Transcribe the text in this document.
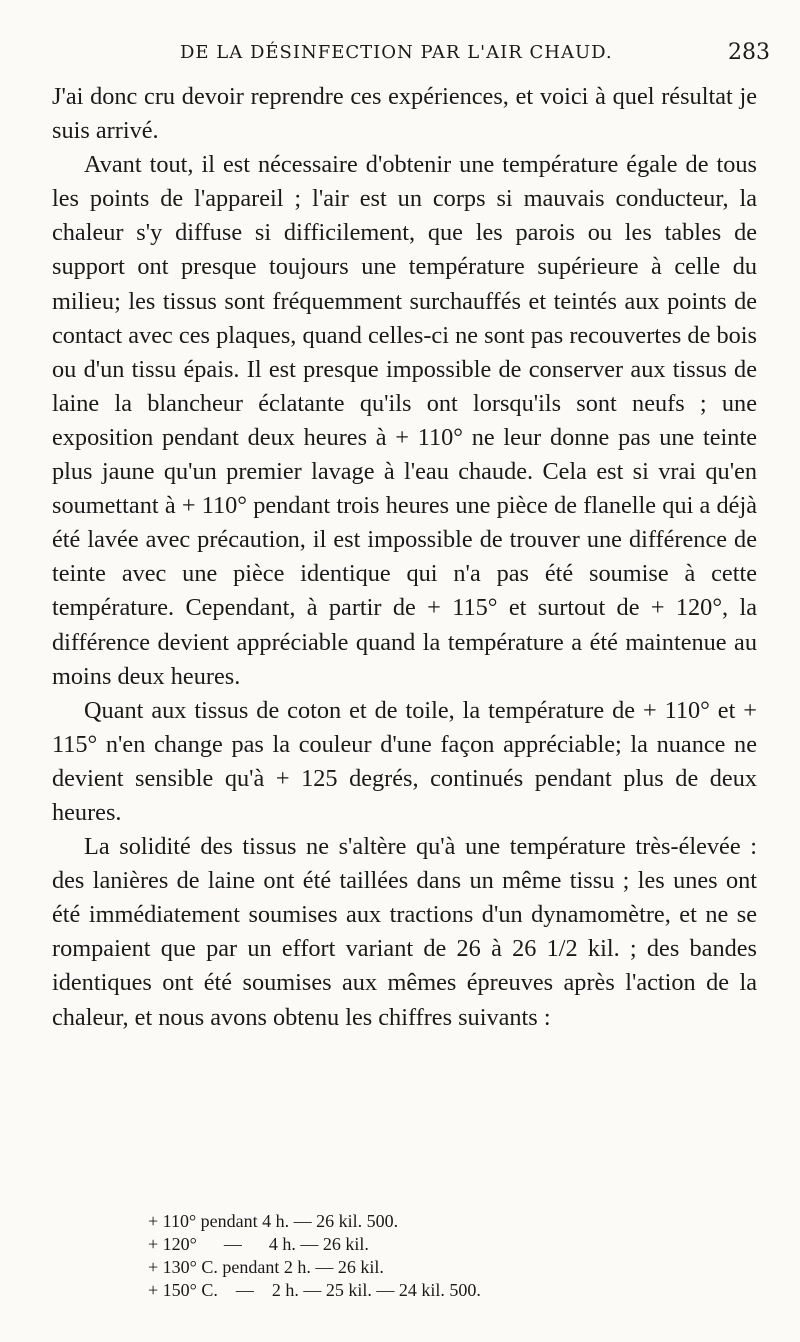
DE LA DÉSINFECTION PAR L'AIR CHAUD.	283

J'ai donc cru devoir reprendre ces expériences, et voici à quel résultat je suis arrivé.

Avant tout, il est nécessaire d'obtenir une température égale de tous les points de l'appareil ; l'air est un corps si mauvais conducteur, la chaleur s'y diffuse si difficilement, que les parois ou les tables de support ont presque toujours une température supérieure à celle du milieu; les tissus sont fréquemment surchauffés et teintés aux points de contact avec ces plaques, quand celles-ci ne sont pas recouvertes de bois ou d'un tissu épais. Il est presque impossible de conserver aux tissus de laine la blancheur éclatante qu'ils ont lorsqu'ils sont neufs ; une exposition pendant deux heures à + 110° ne leur donne pas une teinte plus jaune qu'un premier lavage à l'eau chaude. Cela est si vrai qu'en soumettant à + 110° pendant trois heures une pièce de flanelle qui a déjà été lavée avec précaution, il est impossible de trouver une différence de teinte avec une pièce identique qui n'a pas été soumise à cette température. Cependant, à partir de + 115° et surtout de + 120°, la différence devient appréciable quand la température a été maintenue au moins deux heures.

Quant aux tissus de coton et de toile, la température de + 110° et + 115° n'en change pas la couleur d'une façon appréciable; la nuance ne devient sensible qu'à + 125 degrés, continués pendant plus de deux heures.

La solidité des tissus ne s'altère qu'à une température très-élevée : des lanières de laine ont été taillées dans un même tissu ; les unes ont été immédiatement soumises aux tractions d'un dynamomètre, et ne se rompaient que par un effort variant de 26 à 26 1/2 kil. ; des bandes identiques ont été soumises aux mêmes épreuves après l'action de la chaleur, et nous avons obtenu les chiffres suivants :

+ 110° pendant 4 h. — 26 kil. 500.
+ 120°      —      4 h. — 26 kil.
+ 130° C. pendant 2 h. — 26 kil.
+ 150° C.    —    2 h. — 25 kil. — 24 kil. 500.
